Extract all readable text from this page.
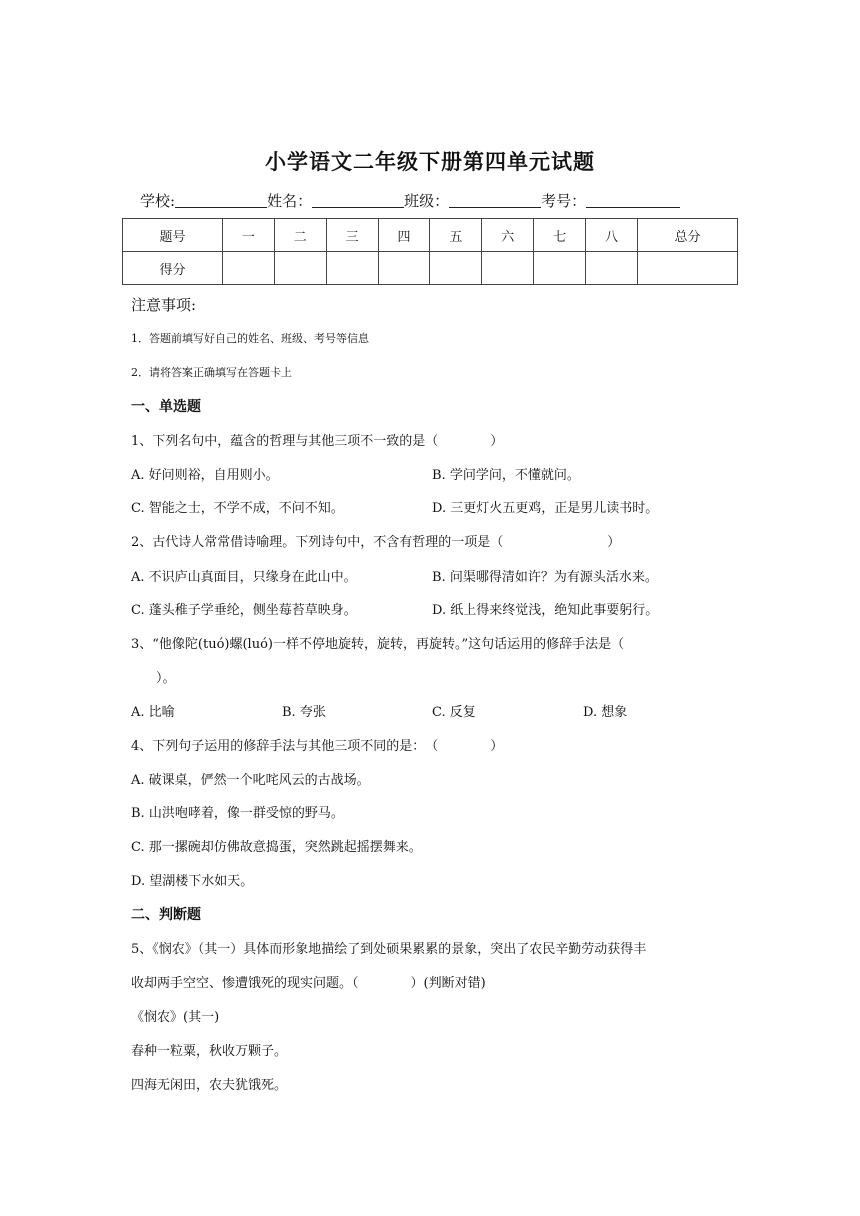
小学语文二年级下册第四单元试题
学校:	姓名：	班级：	考号：
题号	一	二	三	四	五	六	七	八	总分
得分									
注意事项:
1．答题前填写好自己的姓名、班级、考号等信息
2．请将答案正确填写在答题卡上
一、单选题
1、下列名句中，蕴含的哲理与其他三项不一致的是（　　　　）
A. 好问则裕，自用则小。	B. 学问学问，不懂就问。
C. 智能之士，不学不成，不问不知。	D. 三更灯火五更鸡，正是男儿读书时。
2、古代诗人常常借诗喻理。下列诗句中，不含有哲理的一项是（　　　　　　　　）
A. 不识庐山真面目，只缘身在此山中。	B. 问渠哪得清如许？为有源头活水来。
C. 蓬头稚子学垂纶，侧坐莓苔草映身。	D. 纸上得来终觉浅，绝知此事要躬行。
3、“他像陀(tuó)螺(luó)一样不停地旋转，旋转，再旋转。”这句话运用的修辞手法是（
）。
A. 比喻	B. 夸张	C. 反复	D. 想象
4、下列句子运用的修辞手法与其他三项不同的是：　（　　　　）
A. 破课桌，俨然一个叱咤风云的古战场。
B. 山洪咆哮着，像一群受惊的野马。
C. 那一摞碗却仿佛故意捣蛋，突然跳起摇摆舞来。
D. 望湖楼下水如天。
二、判断题
5、《悯农》（其一）具体而形象地描绘了到处硕果累累的景象，突出了农民辛勤劳动获得丰
收却两手空空、惨遭饿死的现实问题。（　　　　）(判断对错)
《悯农》(其一)
春种一粒粟，秋收万颗子。
四海无闲田，农夫犹饿死。
